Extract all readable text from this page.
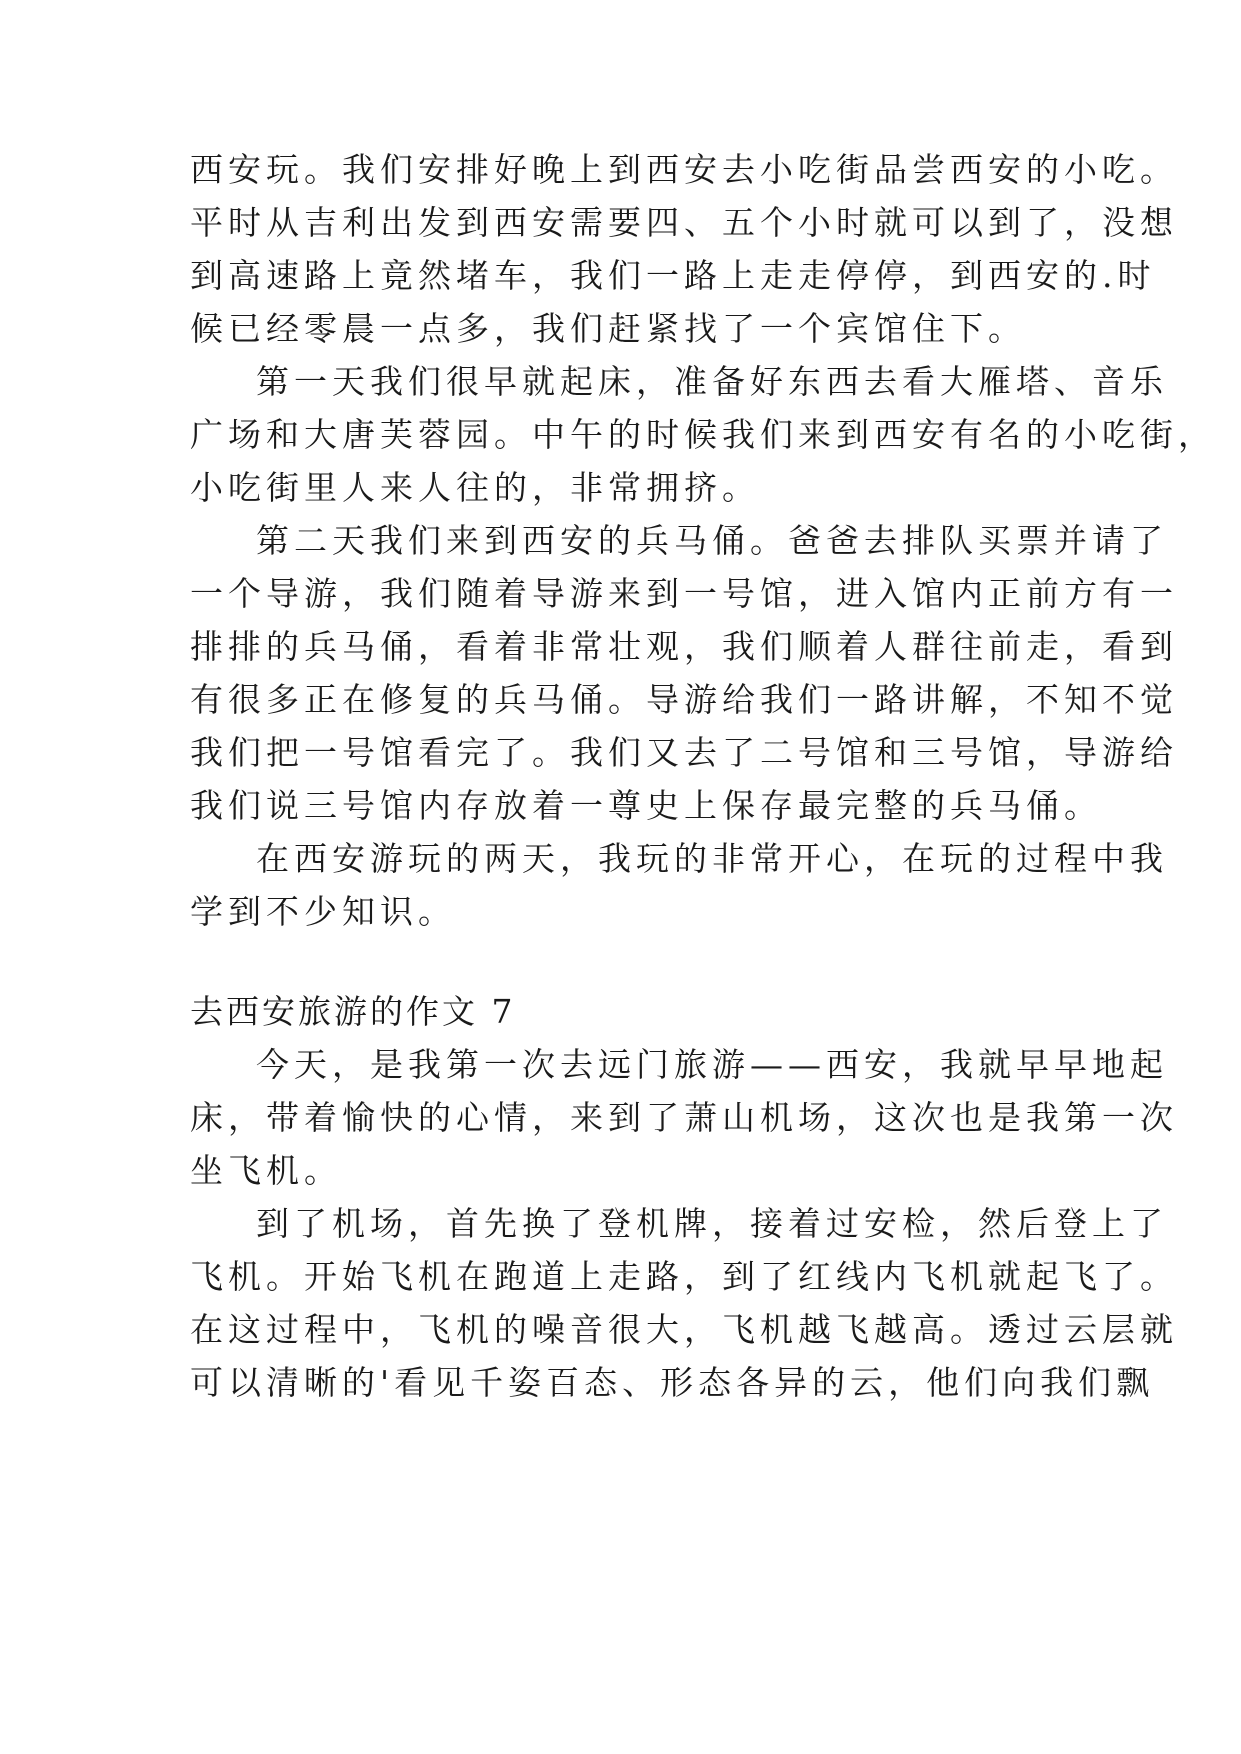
西安玩。我们安排好晚上到西安去小吃街品尝西安的小吃。
平时从吉利出发到西安需要四、五个小时就可以到了，没想
到高速路上竟然堵车，我们一路上走走停停，到西安的.时
候已经零晨一点多，我们赶紧找了一个宾馆住下。
第一天我们很早就起床，准备好东西去看大雁塔、音乐
广场和大唐芙蓉园。中午的时候我们来到西安有名的小吃街，
小吃街里人来人往的，非常拥挤。
第二天我们来到西安的兵马俑。爸爸去排队买票并请了
一个导游，我们随着导游来到一号馆，进入馆内正前方有一
排排的兵马俑，看着非常壮观，我们顺着人群往前走，看到
有很多正在修复的兵马俑。导游给我们一路讲解，不知不觉
我们把一号馆看完了。我们又去了二号馆和三号馆，导游给
我们说三号馆内存放着一尊史上保存最完整的兵马俑。
在西安游玩的两天，我玩的非常开心，在玩的过程中我
学到不少知识。
去西安旅游的作文 7
今天，是我第一次去远门旅游——西安，我就早早地起
床，带着愉快的心情，来到了萧山机场，这次也是我第一次
坐飞机。
到了机场，首先换了登机牌，接着过安检，然后登上了
飞机。开始飞机在跑道上走路，到了红线内飞机就起飞了。
在这过程中，飞机的噪音很大，飞机越飞越高。透过云层就
可以清晰的'看见千姿百态、形态各异的云，他们向我们飘
